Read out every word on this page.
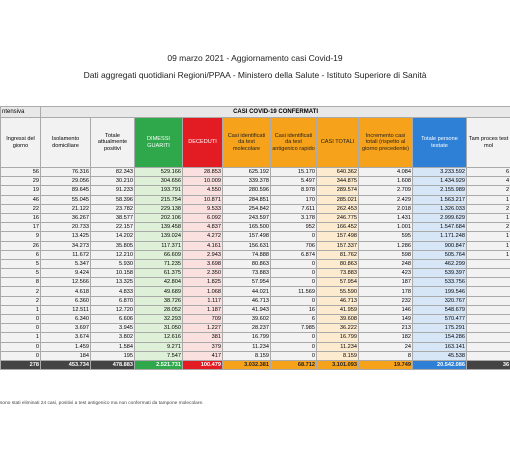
09 marzo 2021 - Aggiornamento casi Covid-19
Dati aggregati quotidiani Regioni/PPAA - Ministero della Salute - Istituto Superiore di Sanità
ntensiva	CASI COVID-19 CONFERMATI									
Ingressi del giorno	Isolamento domiciliare	Totale attualmente positivi	DIMESSI GUARITI	DECEDUTI	Casi identificati da test molecolare	Casi identificati da test antigenico rapido	CASI TOTALI	Incremento casi totali (rispetto al giorno precedente)	Totale persone testate	Tam proces test mol
56	76.316	82.343	529.166	28.853	625.192	15.170	640.362	4.084	3.233.592	6
29	29.056	30.210	304.656	10.009	339.378	5.497	344.875	1.608	1.434.929	4
19	89.645	91.233	193.791	4.550	280.596	8.978	289.574	2.709	2.155.989	2
46	55.045	58.396	215.754	10.871	284.851	170	285.021	2.429	1.563.217	1
22	21.122	23.782	229.138	9.533	254.842	7.611	262.453	2.018	1.326.033	2
16	36.267	38.577	202.106	6.092	243.597	3.178	246.775	1.431	2.999.629	1
17	20.733	22.157	139.458	4.837	165.500	952	166.452	1.001	1.547.684	2
9	13.425	14.202	139.024	4.272	157.498	0	157.498	595	1.171.248	1
26	34.273	35.805	117.371	4.161	156.631	706	157.337	1.286	900.847	1
6	11.672	12.210	66.609	2.943	74.888	6.874	81.762	598	505.764	1
5	5.347	5.930	71.235	3.698	80.863	0	80.863	248	462.299	
5	9.424	10.158	61.375	2.350	73.883	0	73.883	423	539.397	
8	12.566	13.325	42.804	1.825	57.954	0	57.954	187	533.756	
2	4.618	4.833	49.689	1.068	44.021	11.569	55.590	178	199.546	
2	6.360	6.870	38.726	1.117	46.713	0	46.713	232	320.767	
1	12.511	12.720	28.052	1.187	41.943	16	41.959	146	548.679	
0	6.340	6.606	32.293	709	39.602	6	39.608	149	570.477	
0	3.697	3.945	31.050	1.227	28.237	7.985	36.222	213	175.291	
1	3.674	3.802	12.616	381	16.799	0	16.799	182	154.286	
0	1.459	1.584	9.271	379	11.234	0	11.234	24	163.141	
0	184	195	7.547	417	8.159	0	8.159	8	45.538	
278	453.734	478.883	2.521.731	100.479	3.032.381	68.712	3.101.093	19.749	20.542.086	36
sono stati eliminati 24 casi, positivi a test antigenico ma non confermati da tampone molecolare.
